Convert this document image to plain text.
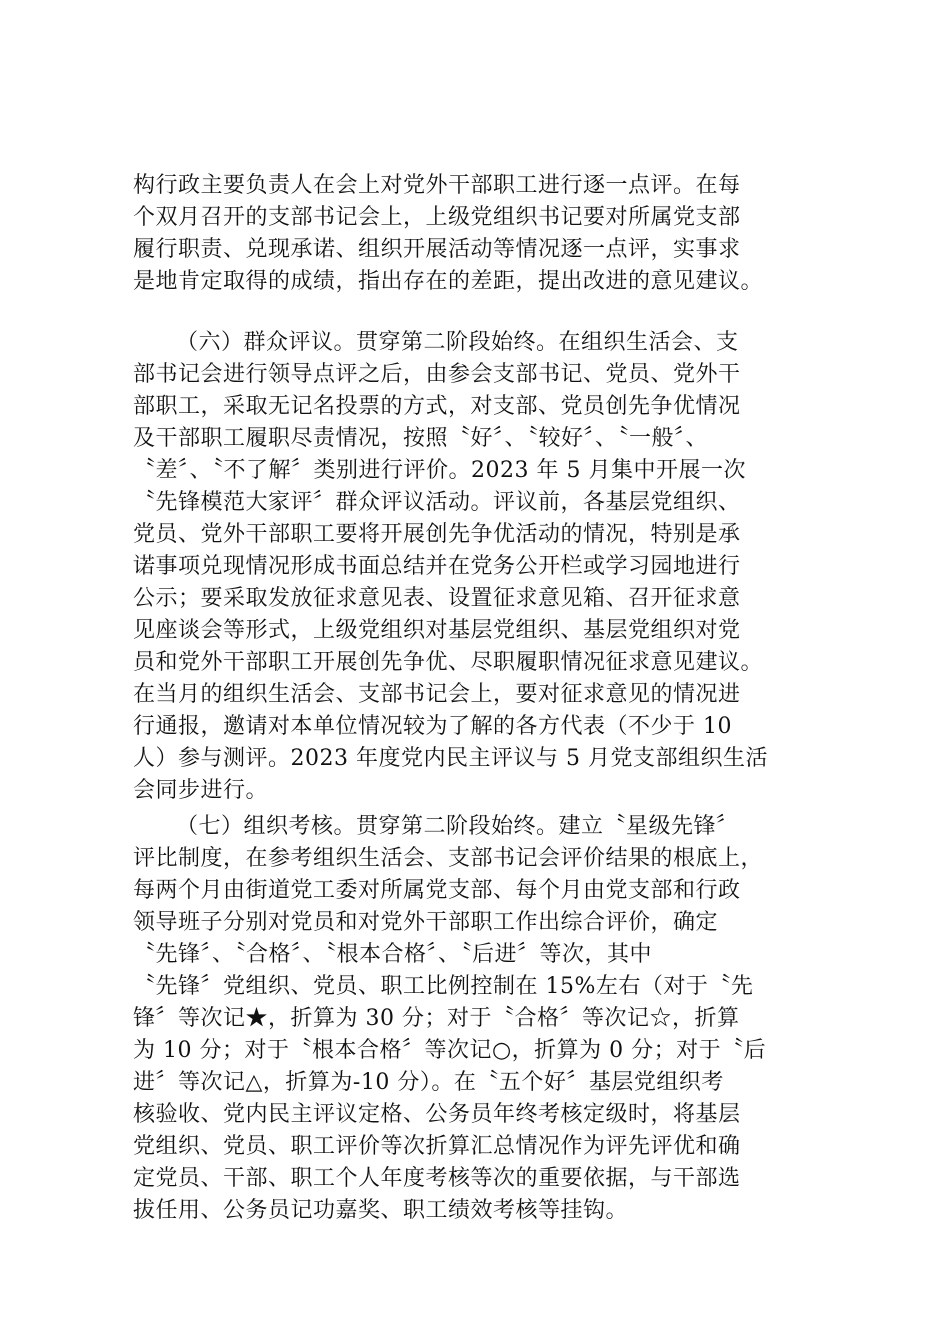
构行政主要负责人在会上对党外干部职工进行逐一点评。在每
个双月召开的支部书记会上，上级党组织书记要对所属党支部
履行职责、兑现承诺、组织开展活动等情况逐一点评，实事求
是地肯定取得的成绩，指出存在的差距，提出改进的意见建议。
（六）群众评议。贯穿第二阶段始终。在组织生活会、支
部书记会进行领导点评之后，由参会支部书记、党员、党外干
部职工，采取无记名投票的方式，对支部、党员创先争优情况
及干部职工履职尽责情况，按照〝好〞、〝较好〞、〝一般〞、
〝差〞、〝不了解〞类别进行评价。2023 年 5 月集中开展一次
〝先锋模范大家评〞群众评议活动。评议前，各基层党组织、
党员、党外干部职工要将开展创先争优活动的情况，特别是承
诺事项兑现情况形成书面总结并在党务公开栏或学习园地进行
公示；要采取发放征求意见表、设置征求意见箱、召开征求意
见座谈会等形式，上级党组织对基层党组织、基层党组织对党
员和党外干部职工开展创先争优、尽职履职情况征求意见建议。
在当月的组织生活会、支部书记会上，要对征求意见的情况进
行通报，邀请对本单位情况较为了解的各方代表（不少于 10
人）参与测评。2023 年度党内民主评议与 5 月党支部组织生活
会同步进行。
（七）组织考核。贯穿第二阶段始终。建立〝星级先锋〞
评比制度，在参考组织生活会、支部书记会评价结果的根底上，
每两个月由街道党工委对所属党支部、每个月由党支部和行政
领导班子分别对党员和对党外干部职工作出综合评价，确定
〝先锋〞、〝合格〞、〝根本合格〞、〝后进〞等次，其中
〝先锋〞党组织、党员、职工比例控制在 15%左右（对于〝先
锋〞等次记★，折算为 30 分；对于〝合格〞等次记☆，折算
为 10 分；对于〝根本合格〞等次记○，折算为 0 分；对于〝后
进〞等次记△，折算为-10 分）。在〝五个好〞基层党组织考
核验收、党内民主评议定格、公务员年终考核定级时，将基层
党组织、党员、职工评价等次折算汇总情况作为评先评优和确
定党员、干部、职工个人年度考核等次的重要依据，与干部选
拔任用、公务员记功嘉奖、职工绩效考核等挂钩。
